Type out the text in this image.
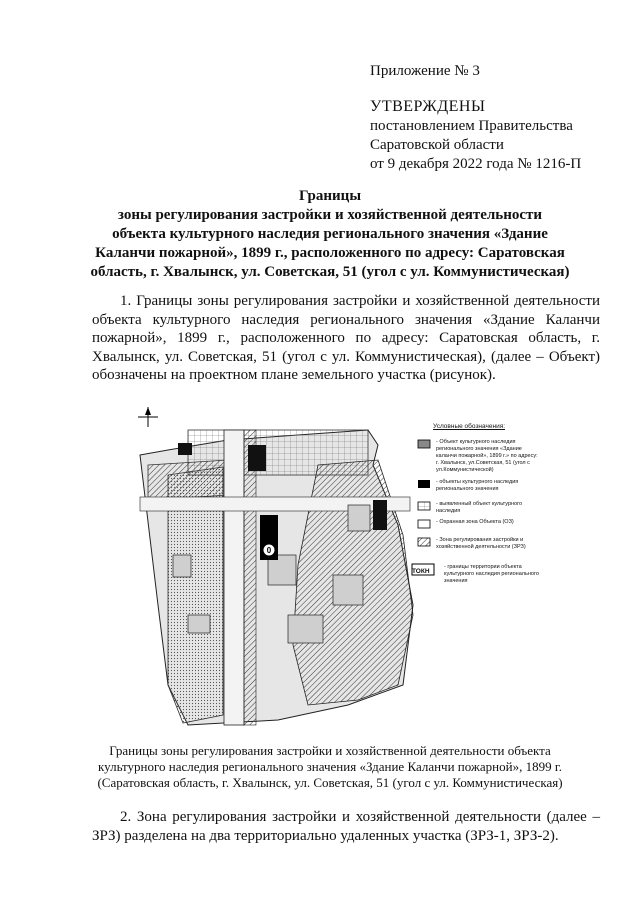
Приложение № 3
УТВЕРЖДЕНЫ
постановлением Правительства
Саратовской области
от 9 декабря 2022 года № 1216-П
Границы
зоны регулирования застройки и хозяйственной деятельности
объекта культурного наследия регионального значения «Здание
Каланчи пожарной», 1899 г., расположенного по адресу: Саратовская
область, г. Хвалынск, ул. Советская, 51 (угол с ул. Коммунистическая)
1. Границы зоны регулирования застройки и хозяйственной деятельности объекта культурного наследия регионального значения «Здание Каланчи пожарной», 1899 г., расположенного по адресу: Саратовская область, г. Хвалынск, ул. Советская, 51 (угол с ул. Коммунистическая), (далее – Объект) обозначены на проектном плане земельного участка (рисунок).
0
Условные обозначения:
- Объект культурного наследия регионального значения «Здание каланчи пожарной», 1899 г.» по адресу: г. Хвалынск, ул.Советская, 51 (угол с ул.Коммунистической)
- объекты культурного наследия регионального значения
- выявленный объект культурного наследия
- Охранная зона Объекта (ОЗ)
- Зона регулирования застройки и хозяйственной деятельности (ЗРЗ)
- границы территории объекта культурного наследия регионального значения
ТОКН
Границы зоны регулирования застройки и хозяйственной деятельности объекта
культурного наследия регионального значения «Здание Каланчи пожарной», 1899 г.
(Саратовская область, г. Хвалынск, ул. Советская, 51 (угол с ул. Коммунистическая)
2. Зона регулирования застройки и хозяйственной деятельности (далее – ЗРЗ) разделена на два территориально удаленных участка (ЗРЗ-1, ЗРЗ-2).
